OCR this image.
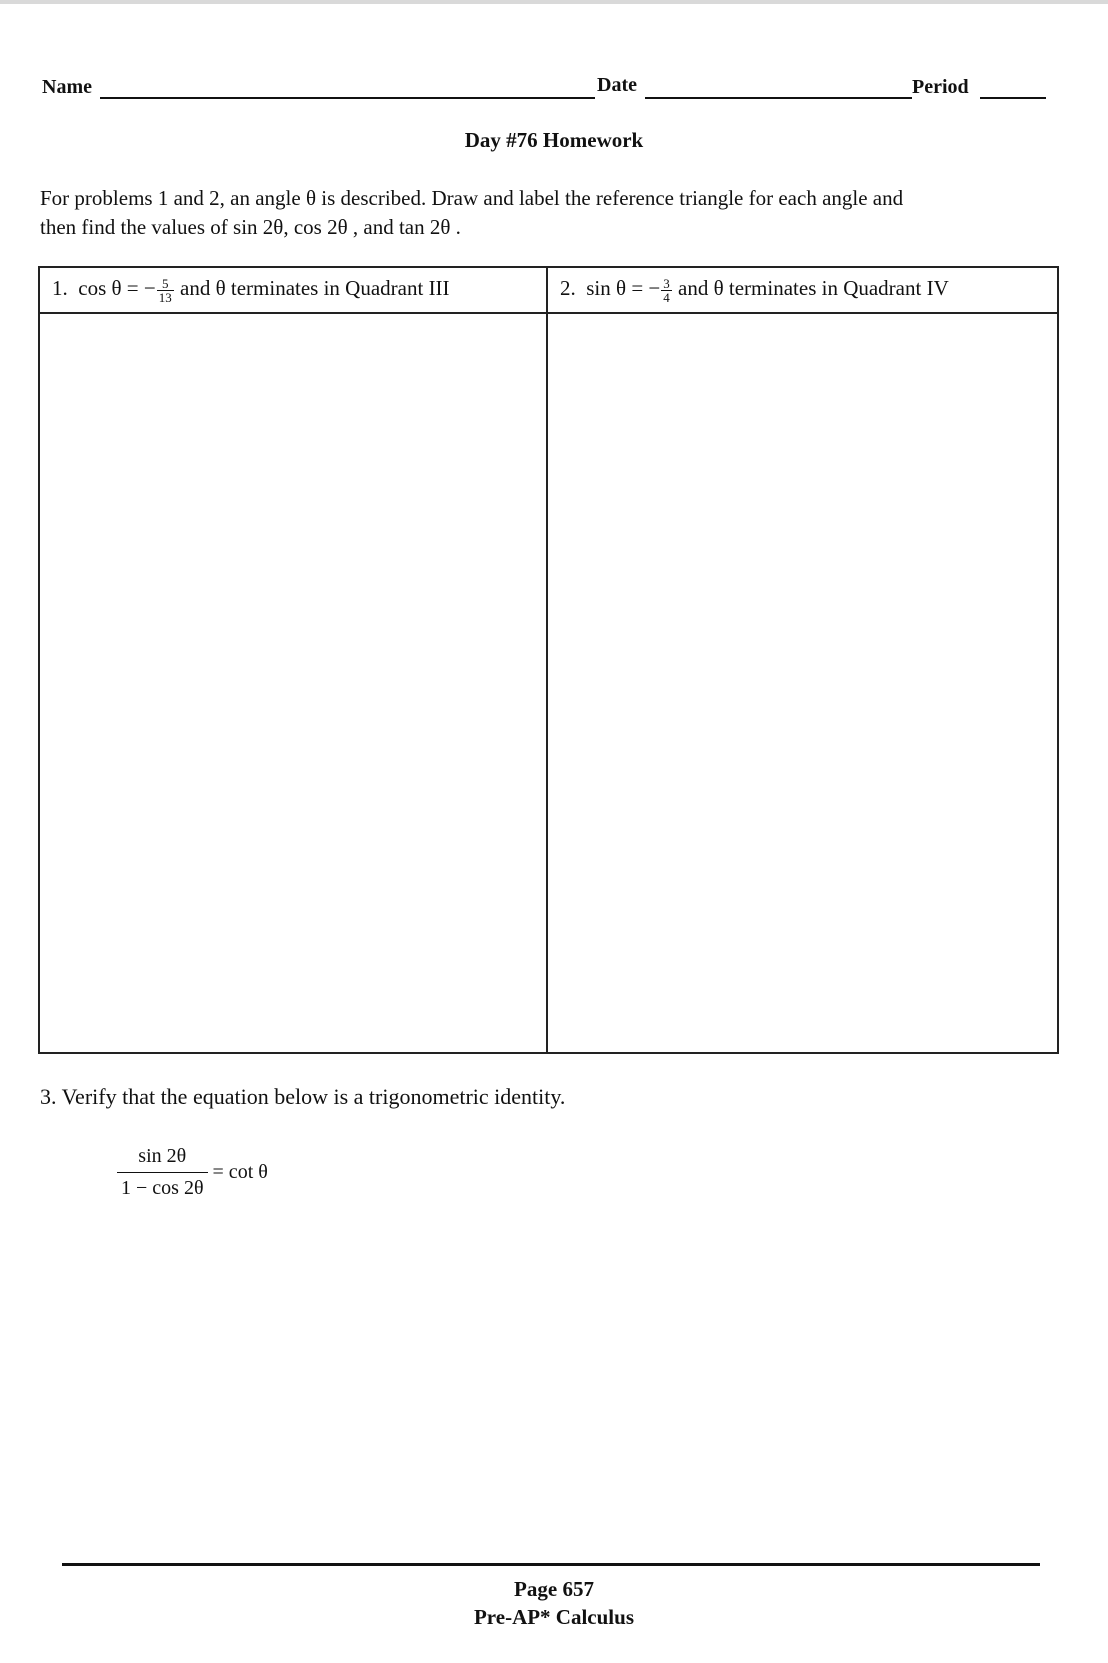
Name	Date	Period
Day #76 Homework
For problems 1 and 2, an angle θ is described. Draw and label the reference triangle for each angle and
then find the values of sin 2θ, cos 2θ , and tan 2θ .
1. cos θ = − $\frac{5}{13}$ and θ terminates in Quadrant III	2. sin θ = − $\frac{3}{4}$ and θ terminates in Quadrant IV
3. Verify that the equation below is a trigonometric identity.
$\frac{\sin 2\theta}{1 - \cos 2\theta} = \cot \theta$
Page 657
Pre-AP* Calculus
